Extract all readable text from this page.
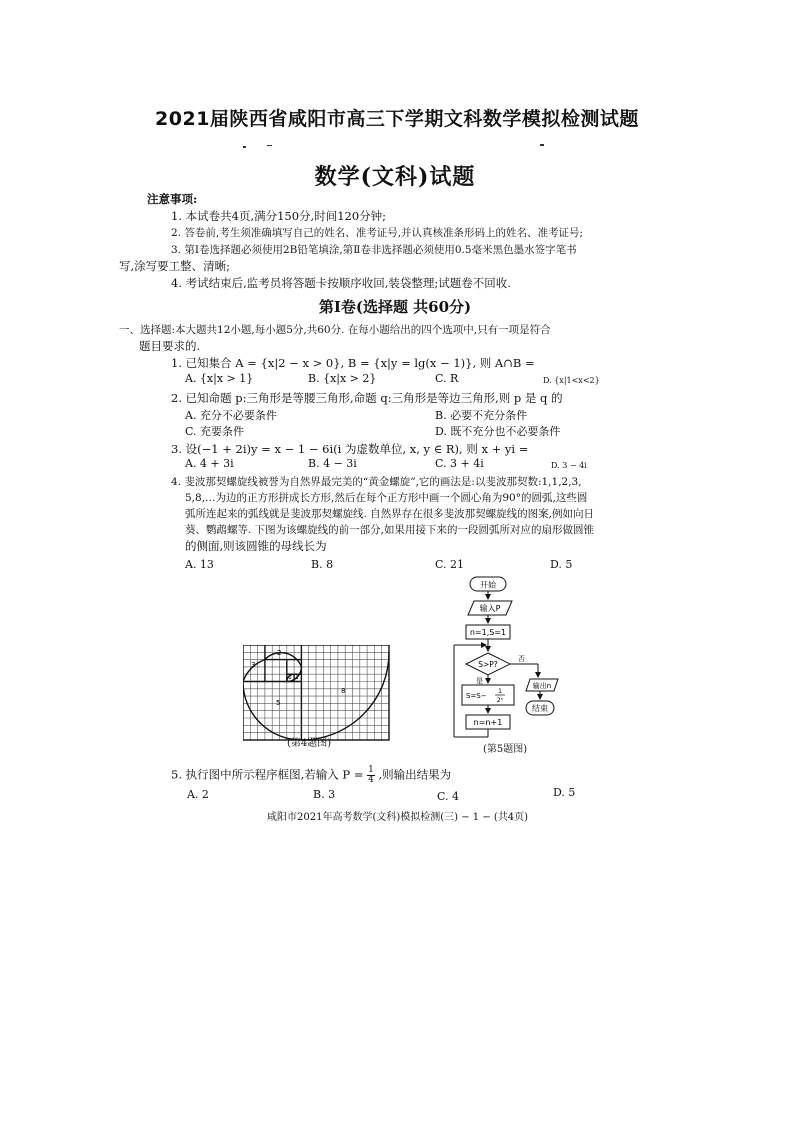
2021届陕西省咸阳市高三下学期文科数学模拟检测试题
数学(文科)试题
注意事项:
1. 本试卷共4页,满分150分,时间120分钟;
2. 答卷前,考生须准确填写自己的姓名、准考证号,并认真核准条形码上的姓名、准考证号;
3. 第Ⅰ卷选择题必须使用2B铅笔填涂,第Ⅱ卷非选择题必须使用0.5毫米黑色墨水签字笔书
写,涂写要工整、清晰;
4. 考试结束后,监考员将答题卡按顺序收回,装袋整理;试题卷不回收.
第Ⅰ卷(选择题 共60分)
一、选择题:本大题共12小题,每小题5分,共60分. 在每小题给出的四个选项中,只有一项是符合
题目要求的.
1. 已知集合 A = {x|2 − x > 0}, B = {x|y = lg(x − 1)}, 则 A∩B =
A. {x|x > 1}	B. {x|x > 2}	C. R	D. {x|1<x<2}
2. 已知命题 p:三角形是等腰三角形,命题 q:三角形是等边三角形,则 p 是 q 的
A. 充分不必要条件	B. 必要不充分条件
C. 充要条件	D. 既不充分也不必要条件
3. 设(−1 + 2i)y = x − 1 − 6i(i 为虚数单位, x, y ∈ R), 则 x + yi =
A. 4 + 3i	B. 4 − 3i	C. 3 + 4i	D. 3 − 4i
4. 斐波那契螺旋线被誉为自然界最完美的“黄金螺旋”,它的画法是:以斐波那契数:1,1,2,3,
5,8,…为边的正方形拼成长方形,然后在每个正方形中画一个圆心角为90°的圆弧,这些圆
弧所连起来的弧线就是斐波那契螺旋线. 自然界存在很多斐波那契螺旋线的图案,例如向日
葵、鹦鹉螺等. 下图为该螺旋线的前一部分,如果用接下来的一段圆弧所对应的扇形做圆锥
的侧面,则该圆锥的母线长为
A. 13	B. 8	C. 21	D. 5
3
2
1 1
5
8
(第4题图)
开始
输入P
n=1,S=1
S>P?
否
是
S=S−
1
2ⁿ
n=n+1
输出n
结束
(第5题图)
5. 执行图中所示程序框图,若输入 $P = \frac{1}{4}$ ,则输出结果为
A. 2	B. 3	C. 4	D. 5
咸阳市2021年高考数学(文科)模拟检测(三) − 1 − (共4页)
